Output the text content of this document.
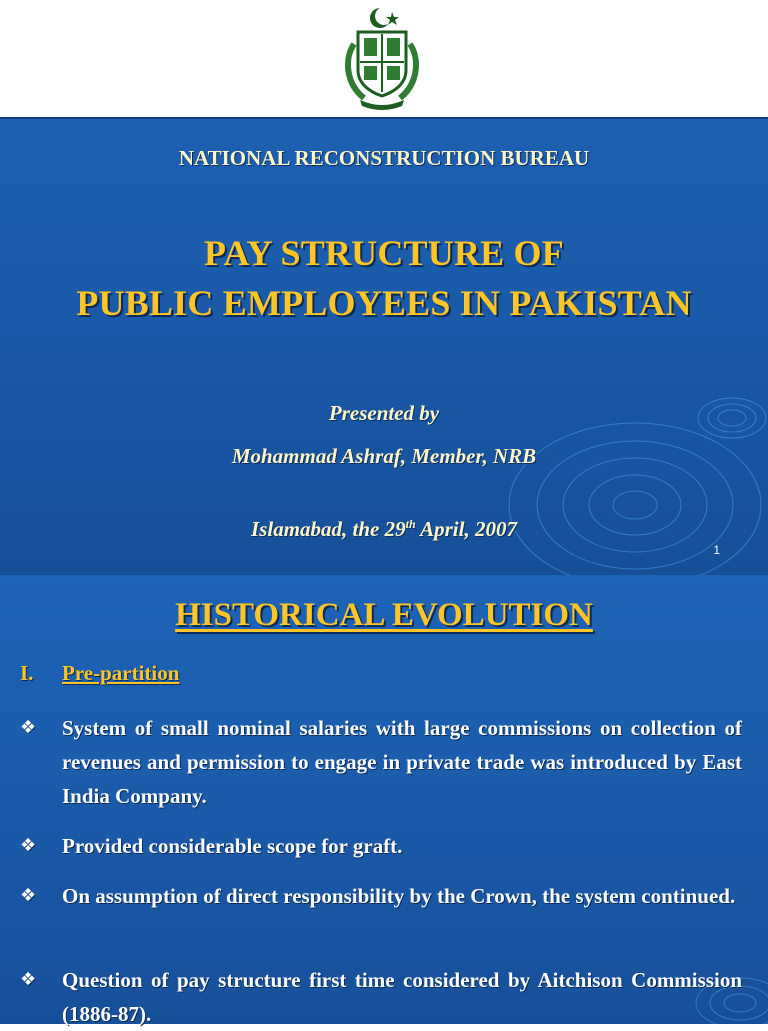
NATIONAL RECONSTRUCTION BUREAU
PAY STRUCTURE OF
PUBLIC EMPLOYEES IN PAKISTAN
Presented by
Mohammad Ashraf, Member, NRB
Islamabad, the 29th April, 2007
1
HISTORICAL EVOLUTION
I. Pre-partition
❖	System of small nominal salaries with large commissions on collection of revenues and permission to engage in private trade was introduced by East India Company.
❖	Provided considerable scope for graft.
❖	On assumption of direct responsibility by the Crown, the system continued.
❖	Question of pay structure first time considered by Aitchison Commission (1886-87).
